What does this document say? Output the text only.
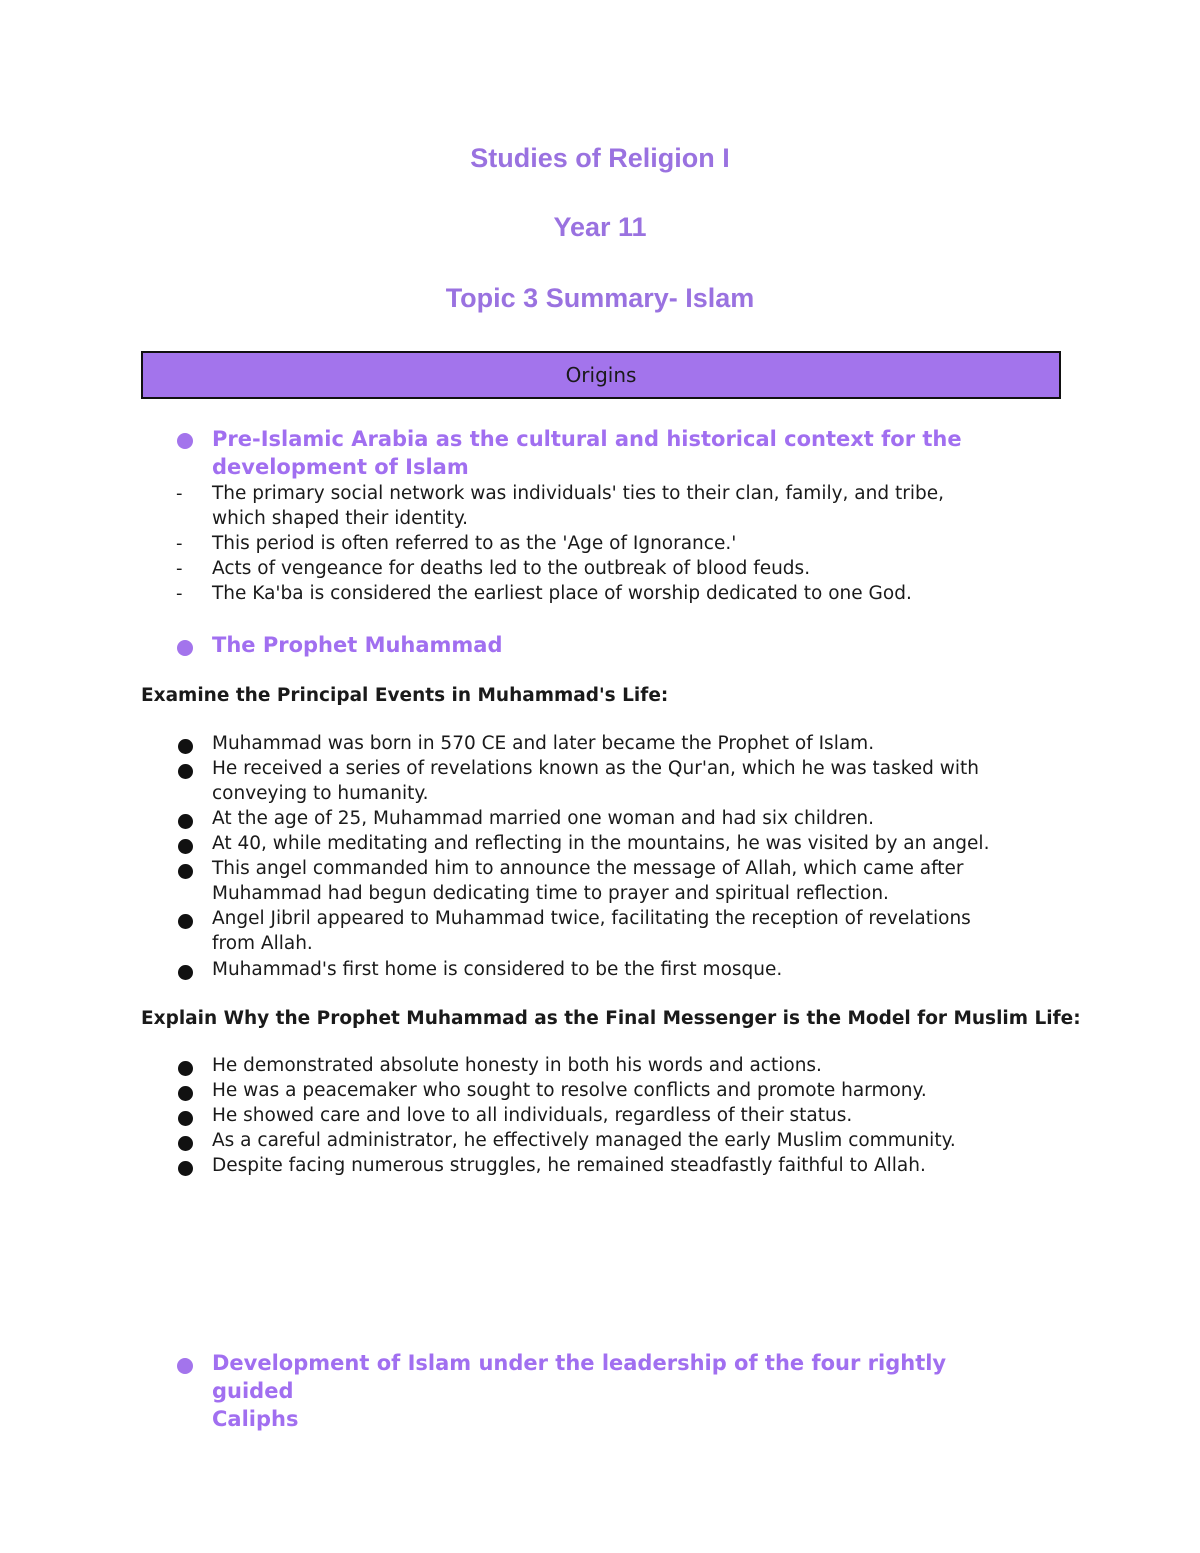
Studies of Religion I
Year 11
Topic 3 Summary- Islam
Origins
Pre-Islamic Arabia as the cultural and historical context for the
development of Islam
- The primary social network was individuals' ties to their clan, family, and tribe,
which shaped their identity.
- This period is often referred to as the 'Age of Ignorance.'
- Acts of vengeance for deaths led to the outbreak of blood feuds.
- The Ka'ba is considered the earliest place of worship dedicated to one God.
The Prophet Muhammad
Examine the Principal Events in Muhammad's Life:
Muhammad was born in 570 CE and later became the Prophet of Islam.
He received a series of revelations known as the Qur'an, which he was tasked with
conveying to humanity.
At the age of 25, Muhammad married one woman and had six children.
At 40, while meditating and reflecting in the mountains, he was visited by an angel.
This angel commanded him to announce the message of Allah, which came after
Muhammad had begun dedicating time to prayer and spiritual reflection.
Angel Jibril appeared to Muhammad twice, facilitating the reception of revelations
from Allah.
Muhammad's first home is considered to be the first mosque.
Explain Why the Prophet Muhammad as the Final Messenger is the Model for Muslim Life:
He demonstrated absolute honesty in both his words and actions.
He was a peacemaker who sought to resolve conflicts and promote harmony.
He showed care and love to all individuals, regardless of their status.
As a careful administrator, he effectively managed the early Muslim community.
Despite facing numerous struggles, he remained steadfastly faithful to Allah.
Development of Islam under the leadership of the four rightly guided
Caliphs
